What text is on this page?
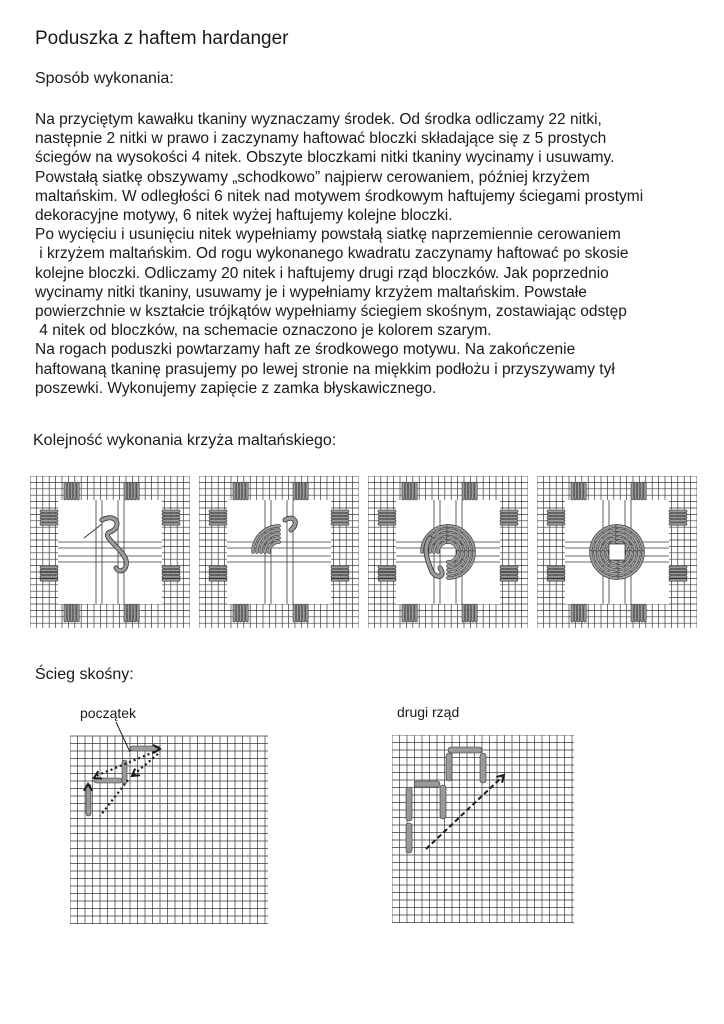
Poduszka z haftem hardanger
Sposób wykonania:
Na przyciętym kawałku tkaniny wyznaczamy środek. Od środka odliczamy 22 nitki,
następnie 2 nitki w prawo i zaczynamy haftować bloczki składające się z 5 prostych
ściegów na wysokości 4 nitek. Obszyte bloczkami nitki tkaniny wycinamy i usuwamy.
Powstałą siatkę obszywamy „schodkowo” najpierw cerowaniem, później krzyżem
maltańskim. W odległości 6 nitek nad motywem środkowym haftujemy ściegami prostymi
dekoracyjne motywy, 6 nitek wyżej haftujemy kolejne bloczki.
Po wycięciu i usunięciu nitek wypełniamy powstałą siatkę naprzemiennie cerowaniem
i krzyżem maltańskim. Od rogu wykonanego kwadratu zaczynamy haftować po skosie
kolejne bloczki. Odliczamy 20 nitek i haftujemy drugi rząd bloczków. Jak poprzednio
wycinamy nitki tkaniny, usuwamy je i wypełniamy krzyżem maltańskim. Powstałe
powierzchnie w kształcie trójkątów wypełniamy ściegiem skośnym, zostawiając odstęp
4 nitek od bloczków, na schemacie oznaczono je kolorem szarym.
Na rogach poduszki powtarzamy haft ze środkowego motywu. Na zakończenie
haftowaną tkaninę prasujemy po lewej stronie na miękkim podłożu i przyszywamy tył
poszewki. Wykonujemy zapięcie z zamka błyskawicznego.
Kolejność wykonania krzyża maltańskiego:
Ścieg skośny:
początek	drugi rząd
